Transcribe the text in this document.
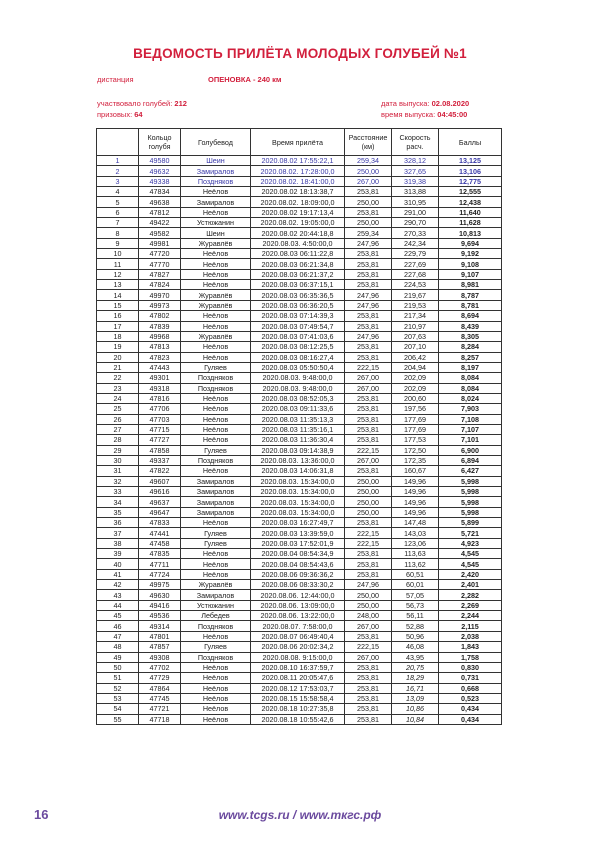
ВЕДОМОСТЬ ПРИЛЁТА МОЛОДЫХ ГОЛУБЕЙ №1
дистанция	ОПЕНОВКА - 240 км
участвовало голубей: 212
призовых: 64
дата выпуска: 02.08.2020
время выпуска: 04:45:00
	Кольцо голубя	Голубевод	Время прилёта	Расстояние (км)	Скорость расч.	Баллы
1	49580	Шеин	2020.08.02 17:55:22,1	259,34	328,12	13,125
2	49632	Замиралов	2020.08.02. 17:28:00,0	250,00	327,65	13,106
3	49338	Поздняков	2020.08.02. 18:41:00,0	267,00	319,38	12,775
4	47834	Неёлов	2020.08.02 18:13:38,7	253,81	313,88	12,555
5	49638	Замиралов	2020.08.02. 18:09:00,0	250,00	310,95	12,438
6	47812	Неёлов	2020.08.02 19:17:13,4	253,81	291,00	11,640
7	49422	Устюжанин	2020.08.02. 19:05:00,0	250,00	290,70	11,628
8	49582	Шеин	2020.08.02 20:44:18,8	259,34	270,33	10,813
9	49981	Журавлёв	2020.08.03. 4:50:00,0	247,96	242,34	9,694
10	47720	Неёлов	2020.08.03 06:11:22,8	253,81	229,79	9,192
11	47770	Неёлов	2020.08.03 06:21:34,8	253,81	227,69	9,108
12	47827	Неёлов	2020.08.03 06:21:37,2	253,81	227,68	9,107
13	47824	Неёлов	2020.08.03 06:37:15,1	253,81	224,53	8,981
14	49970	Журавлёв	2020.08.03 06:35:36,5	247,96	219,67	8,787
15	49973	Журавлёв	2020.08.03 06:36:20,5	247,96	219,53	8,781
16	47802	Неёлов	2020.08.03 07:14:39,3	253,81	217,34	8,694
17	47839	Неёлов	2020.08.03 07:49:54,7	253,81	210,97	8,439
18	49968	Журавлёв	2020.08.03 07:41:03,6	247,96	207,63	8,305
19	47813	Неёлов	2020.08.03 08:12:25,5	253,81	207,10	8,284
20	47823	Неёлов	2020.08.03 08:16:27,4	253,81	206,42	8,257
21	47443	Гуляев	2020.08.03 05:50:50,4	222,15	204,94	8,197
22	49301	Поздняков	2020.08.03. 9:48:00,0	267,00	202,09	8,084
23	49318	Поздняков	2020.08.03. 9:48:00,0	267,00	202,09	8,084
24	47816	Неёлов	2020.08.03 08:52:05,3	253,81	200,60	8,024
25	47706	Неёлов	2020.08.03 09:11:33,6	253,81	197,56	7,903
26	47703	Неёлов	2020.08.03 11:35:13,3	253,81	177,69	7,108
27	47715	Неёлов	2020.08.03 11:35:16,1	253,81	177,69	7,107
28	47727	Неёлов	2020.08.03 11:36:30,4	253,81	177,53	7,101
29	47858	Гуляев	2020.08.03 09:14:38,9	222,15	172,50	6,900
30	49337	Поздняков	2020.08.03. 13:36:00,0	267,00	172,35	6,894
31	47822	Неёлов	2020.08.03 14:06:31,8	253,81	160,67	6,427
32	49607	Замиралов	2020.08.03. 15:34:00,0	250,00	149,96	5,998
33	49616	Замиралов	2020.08.03. 15:34:00,0	250,00	149,96	5,998
34	49637	Замиралов	2020.08.03. 15:34:00,0	250,00	149,96	5,998
35	49647	Замиралов	2020.08.03. 15:34:00,0	250,00	149,96	5,998
36	47833	Неёлов	2020.08.03 16:27:49,7	253,81	147,48	5,899
37	47441	Гуляев	2020.08.03 13:39:59,0	222,15	143,03	5,721
38	47458	Гуляев	2020.08.03 17:52:01,9	222,15	123,06	4,923
39	47835	Неёлов	2020.08.04 08:54:34,9	253,81	113,63	4,545
40	47711	Неёлов	2020.08.04 08:54:43,6	253,81	113,62	4,545
41	47724	Неёлов	2020.08.06 09:36:36,2	253,81	60,51	2,420
42	49975	Журавлёв	2020.08.06 08:33:30,2	247,96	60,01	2,401
43	49630	Замиралов	2020.08.06. 12:44:00,0	250,00	57,05	2,282
44	49416	Устюжанин	2020.08.06. 13:09:00,0	250,00	56,73	2,269
45	49536	Лебедев	2020.08.06. 13:22:00,0	248,00	56,11	2,244
46	49314	Поздняков	2020.08.07. 7:58:00,0	267,00	52,88	2,115
47	47801	Неёлов	2020.08.07 06:49:40,4	253,81	50,96	2,038
48	47857	Гуляев	2020.08.06 20:02:34,2	222,15	46,08	1,843
49	49308	Поздняков	2020.08.08. 9:15:00,0	267,00	43,95	1,758
50	47702	Неёлов	2020.08.10 16:37:59,7	253,81	20,75	0,830
51	47729	Неёлов	2020.08.11 20:05:47,6	253,81	18,29	0,731
52	47864	Неёлов	2020.08.12 17:53:03,7	253,81	16,71	0,668
53	47745	Неёлов	2020.08.15 15:58:58,4	253,81	13,09	0,523
54	47721	Неёлов	2020.08.18 10:27:35,8	253,81	10,86	0,434
55	47718	Неёлов	2020.08.18 10:55:42,6	253,81	10,84	0,434
16	www.tcgs.ru / www.ткгс.рф
